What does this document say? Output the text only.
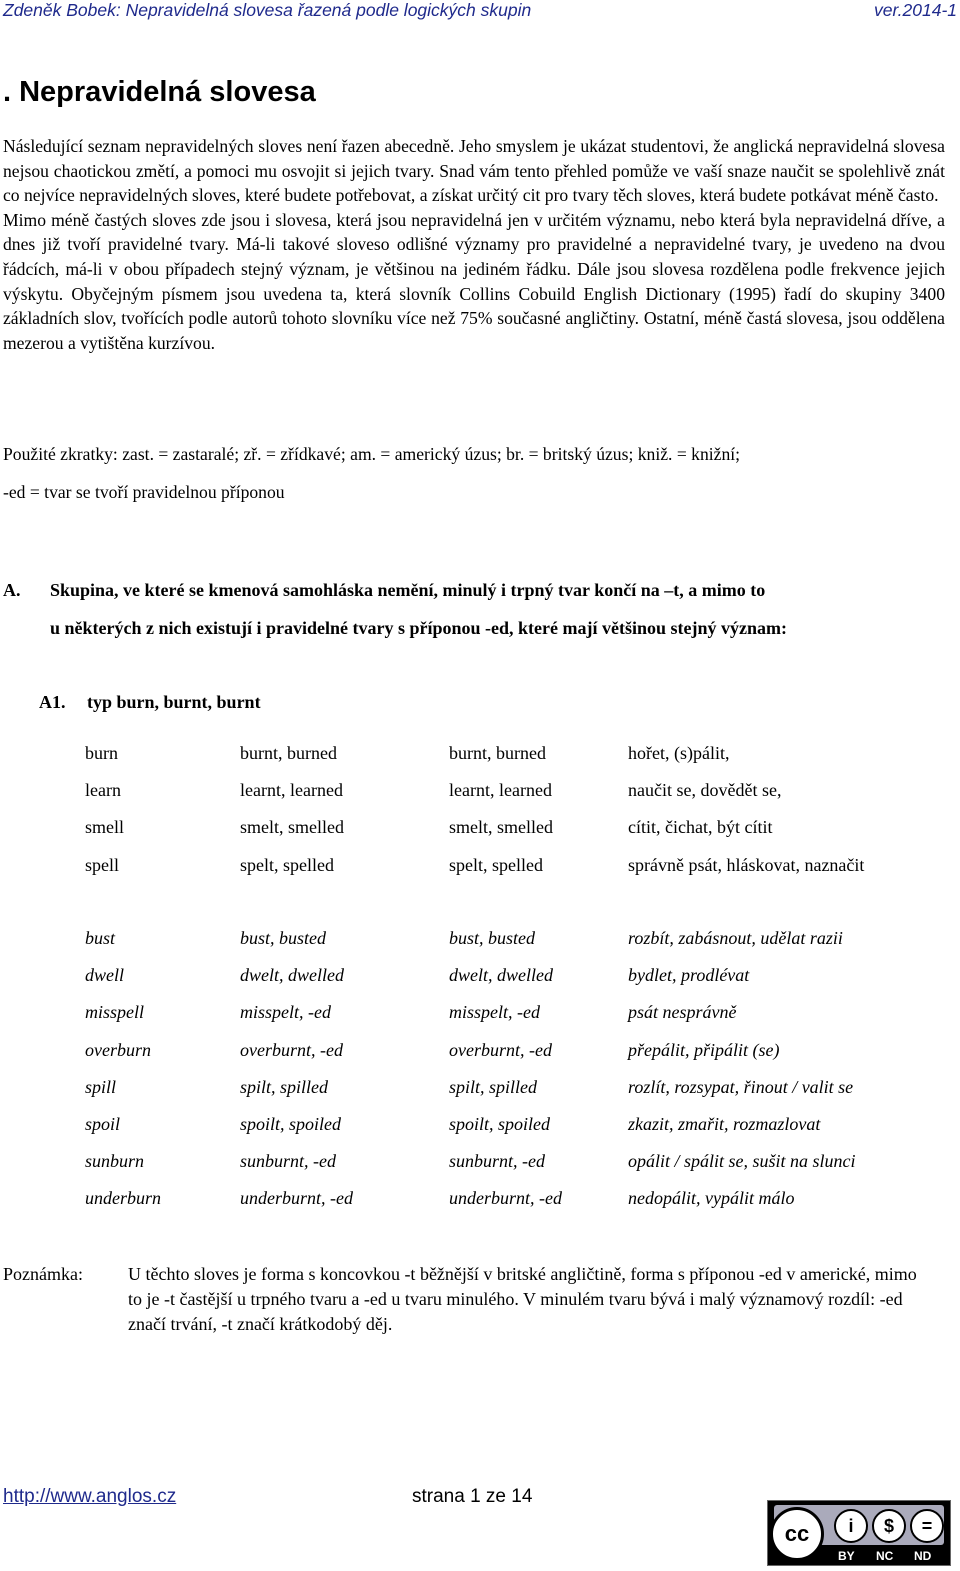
Zdeněk Bobek: Nepravidelná slovesa řazená podle logických skupin	ver.2014-1
. Nepravidelná slovesa
Následující seznam nepravidelných sloves není řazen abecedně. Jeho smyslem je ukázat studentovi, že anglická nepravidelná slovesa nejsou chaotickou změtí, a pomoci mu osvojit si jejich tvary. Snad vám tento přehled pomůže ve vaší snaze naučit se spolehlivě znát co nejvíce nepravidelných sloves, které budete potřebovat, a získat určitý cit pro tvary těch sloves, která budete potkávat méně často.
Mimo méně častých sloves zde jsou i slovesa, která jsou nepravidelná jen v určitém významu, nebo která byla nepravidelná dříve, a dnes již tvoří pravidelné tvary. Má-li takové sloveso odlišné významy pro pravidelné a nepravidelné tvary, je uvedeno na dvou řádcích, má-li v obou případech stejný význam, je většinou na jediném řádku. Dále jsou slovesa rozdělena podle frekvence jejich výskytu. Obyčejným písmem jsou uvedena ta, která slovník Collins Cobuild English Dictionary (1995) řadí do skupiny 3400 základních slov, tvořících podle autorů tohoto slovníku více než 75% současné angličtiny. Ostatní, méně častá slovesa, jsou oddělena mezerou a vytištěna kurzívou.

Použité zkratky: zast. = zastaralé; zř. = zřídkavé; am. = americký úzus; br. = britský úzus; kniž. = knižní;

-ed = tvar se tvoří pravidelnou příponou

A. Skupina, ve které se kmenová samohláska nemění, minulý i trpný tvar končí na –t, a mimo to
u některých z nich existují i pravidelné tvary s příponou -ed, které mají většinou stejný význam:
A1. typ burn, burnt, burnt
burn	burnt, burned	burnt, burned	hořet, (s)pálit,
learn	learnt, learned	learnt, learned	naučit se, dovědět se,
smell	smelt, smelled	smelt, smelled	cítit, čichat, být cítit
spell	spelt, spelled	spelt, spelled	správně psát, hláskovat, naznačit
bust	bust, busted	bust, busted	rozbít, zabásnout, udělat razii
dwell	dwelt, dwelled	dwelt, dwelled	bydlet, prodlévat
misspell	misspelt, -ed	misspelt, -ed	psát nesprávně
overburn	overburnt, -ed	overburnt, -ed	přepálit, připálit (se)
spill	spilt, spilled	spilt, spilled	rozlít, rozsypat, řinout / valit se
spoil	spoilt, spoiled	spoilt, spoiled	zkazit, zmařit, rozmazlovat
sunburn	sunburnt, -ed	sunburnt, -ed	opálit / spálit se, sušit na slunci
underburn	underburnt, -ed	underburnt, -ed	nedopálit, vypálit málo
Poznámka:	U těchto sloves je forma s koncovkou -t běžnější v britské angličtině, forma s příponou -ed v americké, mimo to je -t častější u trpného tvaru a -ed u tvaru minulého. V minulém tvaru bývá i malý významový rozdíl: -ed značí trvání, -t značí krátkodobý děj.
http://www.anglos.cz	strana 1 ze 14
cc	i	$	=
BY NC ND
